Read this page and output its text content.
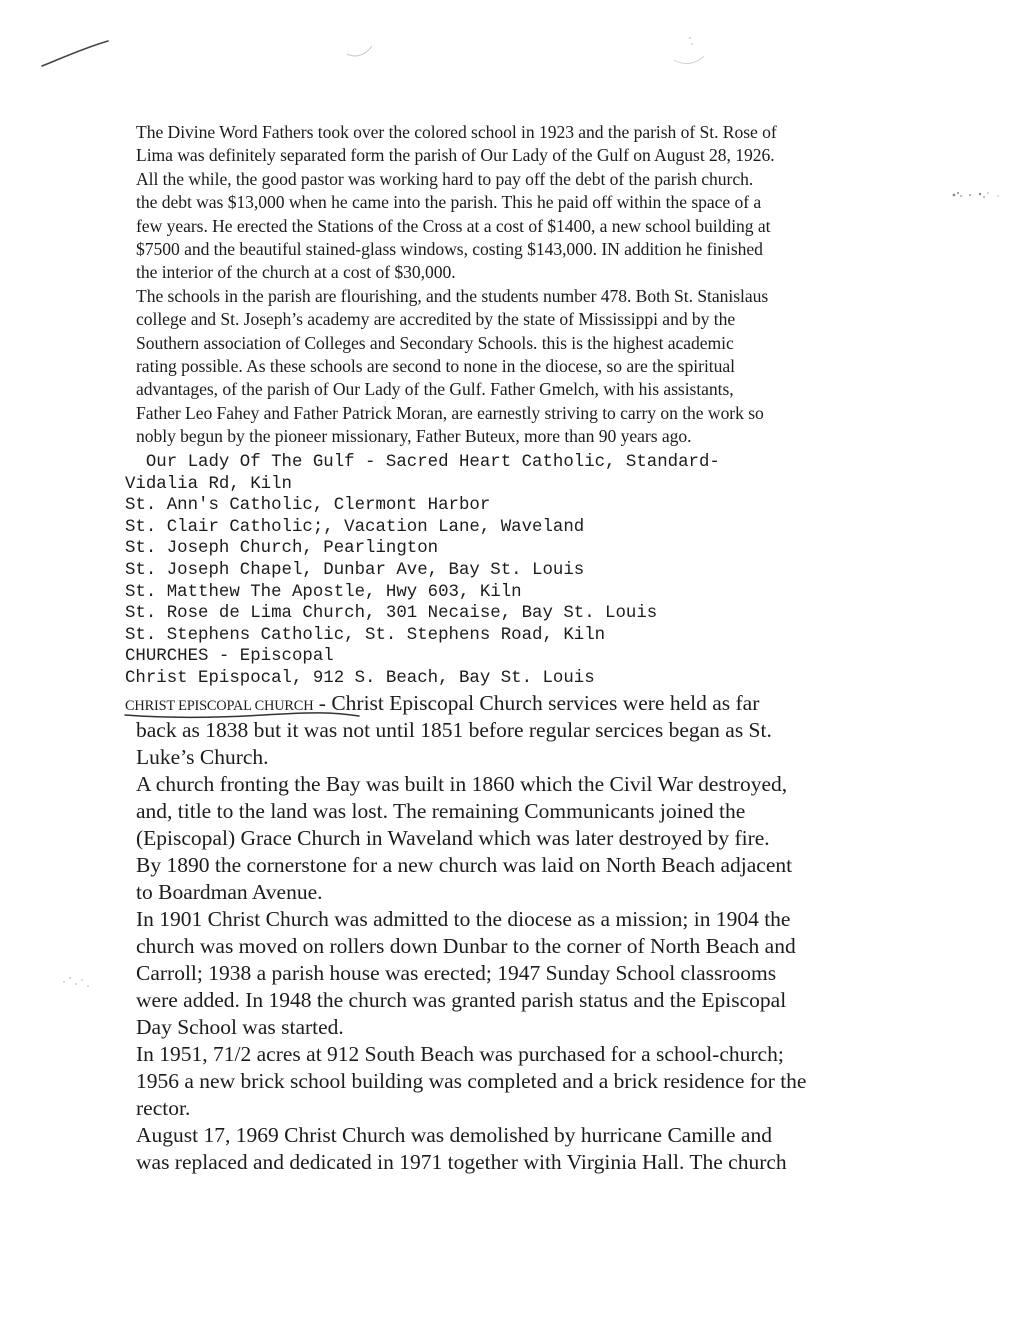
The Divine Word Fathers took over the colored school in 1923 and the parish of St. Rose of
Lima was definitely separated form the parish of Our Lady of the Gulf on August 28, 1926.
All the while, the good pastor was working hard to pay off the debt of the parish church.
the debt was $13,000 when he came into the parish. This he paid off within the space of a
few years. He erected the Stations of the Cross at a cost of $1400, a new school building at
$7500 and the beautiful stained-glass windows, costing $143,000. IN addition he finished
the interior of the church at a cost of $30,000.
The schools in the parish are flourishing, and the students number 478. Both St. Stanislaus
college and St. Joseph’s academy are accredited by the state of Mississippi and by the
Southern association of Colleges and Secondary Schools. this is the highest academic
rating possible. As these schools are second to none in the diocese, so are the spiritual
advantages, of the parish of Our Lady of the Gulf. Father Gmelch, with his assistants,
Father Leo Fahey and Father Patrick Moran, are earnestly striving to carry on the work so
nobly begun by the pioneer missionary, Father Buteux, more than 90 years ago.
Our Lady Of The Gulf - Sacred Heart Catholic, Standard-
Vidalia Rd, Kiln
St. Ann's Catholic, Clermont Harbor
St. Clair Catholic;, Vacation Lane, Waveland
St. Joseph Church, Pearlington
St. Joseph Chapel, Dunbar Ave, Bay St. Louis
St. Matthew The Apostle, Hwy 603, Kiln
St. Rose de Lima Church, 301 Necaise, Bay St. Louis
St. Stephens Catholic, St. Stephens Road, Kiln
CHURCHES - Episcopal
Christ Epispocal, 912 S. Beach, Bay St. Louis
CHRIST EPISCOPAL CHURCH - Christ Episcopal Church services were held as far
back as 1838 but it was not until 1851 before regular sercices began as St.
Luke’s Church.
A church fronting the Bay was built in 1860 which the Civil War destroyed,
and, title to the land was lost. The remaining Communicants joined the
(Episcopal) Grace Church in Waveland which was later destroyed by fire.
By 1890 the cornerstone for a new church was laid on North Beach adjacent
to Boardman Avenue.
In 1901 Christ Church was admitted to the diocese as a mission; in 1904 the
church was moved on rollers down Dunbar to the corner of North Beach and
Carroll; 1938 a parish house was erected; 1947 Sunday School classrooms
were added. In 1948 the church was granted parish status and the Episcopal
Day School was started.
In 1951, 71/2 acres at 912 South Beach was purchased for a school-church;
1956 a new brick school building was completed and a brick residence for the
rector.
August 17, 1969 Christ Church was demolished by hurricane Camille and
was replaced and dedicated in 1971 together with Virginia Hall. The church
